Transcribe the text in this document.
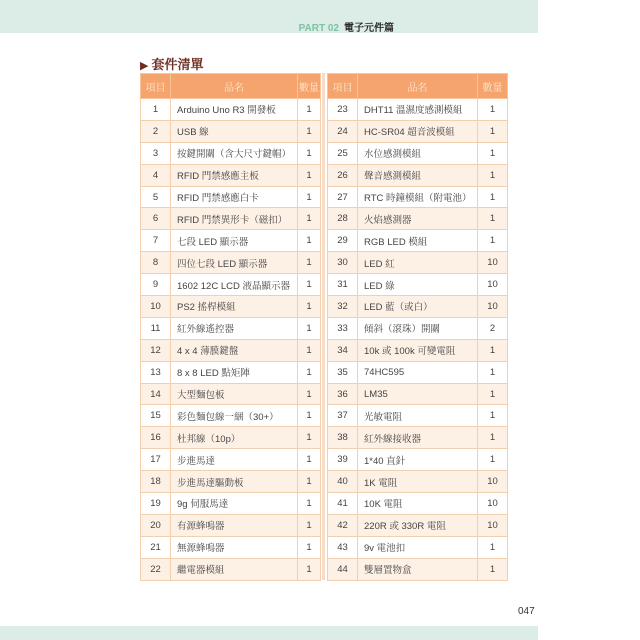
PART 02 電子元件篇
▶ 套件清單
項目	品名	數量
1	Arduino Uno R3 開發板	1
2	USB 線	1
3	按鍵開關（含大尺寸鍵帽）	1
4	RFID 門禁感應主板	1
5	RFID 門禁感應白卡	1
6	RFID 門禁異形卡（磁扣）	1
7	七段 LED 顯示器	1
8	四位七段 LED 顯示器	1
9	1602 12C LCD 液晶顯示器	1
10	PS2 搖桿模組	1
11	紅外線遙控器	1
12	4 x 4 薄膜鍵盤	1
13	8 x 8 LED 點矩陣	1
14	大型麵包板	1
15	彩色麵包線一綑（30+）	1
16	杜邦線（10p）	1
17	步進馬達	1
18	步進馬達驅動板	1
19	9g 伺服馬達	1
20	有源蜂鳴器	1
21	無源蜂鳴器	1
22	繼電器模組	1
項目	品名	數量
23	DHT11 溫濕度感測模組	1
24	HC-SR04 超音波模組	1
25	水位感測模組	1
26	聲音感測模組	1
27	RTC 時鐘模組（附電池）	1
28	火焰感測器	1
29	RGB LED 模組	1
30	LED 紅	10
31	LED 綠	10
32	LED 藍（或白）	10
33	傾斜（滾珠）開關	2
34	10k 或 100k 可變電阻	1
35	74HC595	1
36	LM35	1
37	光敏電阻	1
38	紅外線接收器	1
39	1*40 直針	1
40	1K 電阻	10
41	10K 電阻	10
42	220R 或 330R 電阻	10
43	9v 電池扣	1
44	雙層置物盒	1
047
